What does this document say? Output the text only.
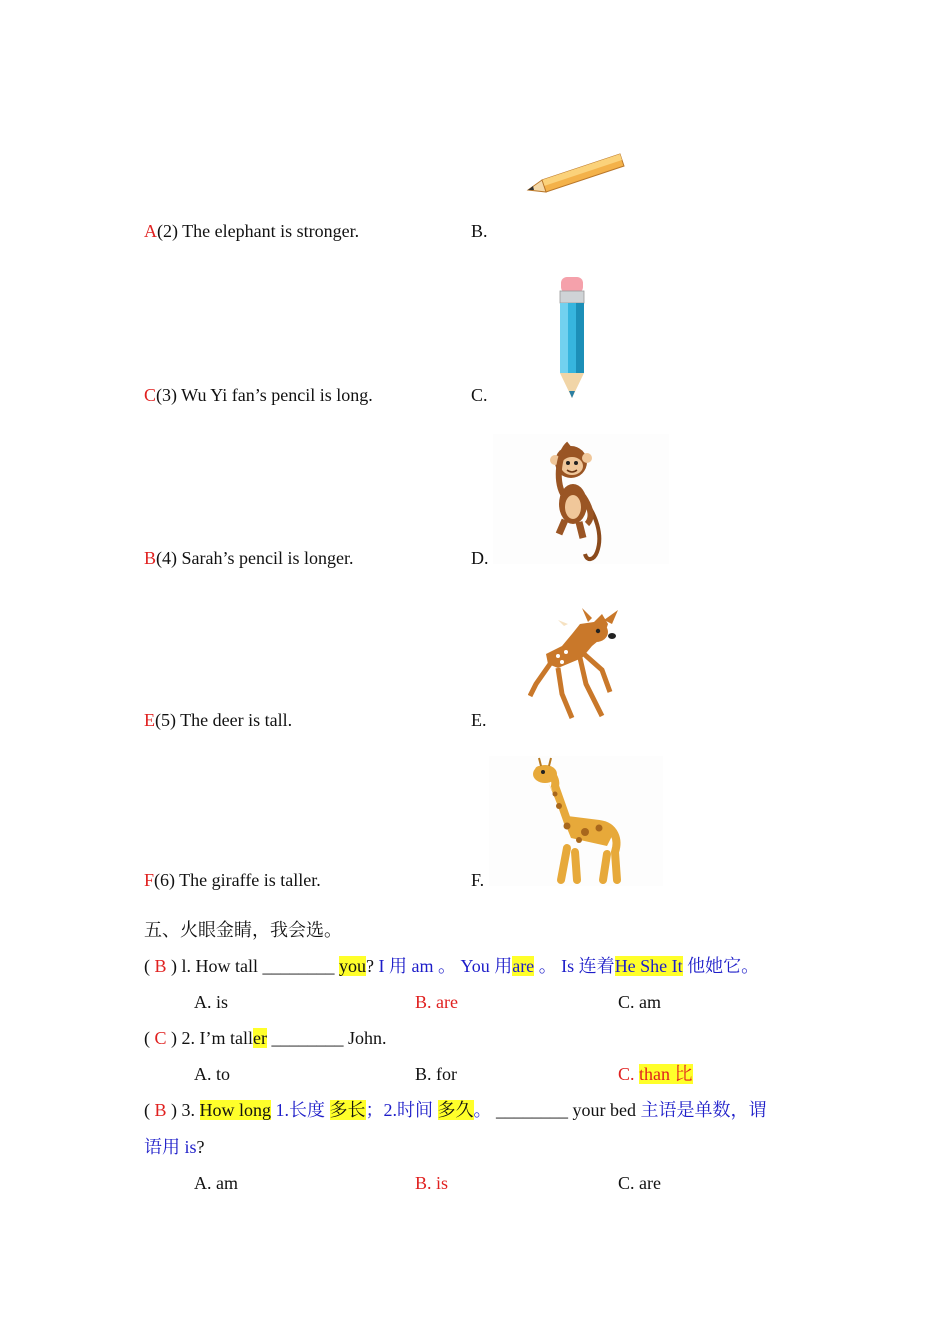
A(2) The elephant is stronger.	B.
C(3) Wu Yi fan’s pencil is long.	C.
B(4) Sarah’s pencil is longer.	D.
E(5) The deer is tall.	E.
F(6) The giraffe is taller.	F.
五、火眼金睛，我会选。
( B ) l. How tall ________ you? I 用 am 。 You 用are 。 Is 连着He She It 他她它。
A. is	B. are	C. am
( C ) 2. I’m taller ________ John.
A. to	B. for	C. than 比
( B ) 3. How long 1.长度 多长；2.时间 多久。 ________ your bed 主语是单数，谓
语用 is?
A. am	B. is	C. are
